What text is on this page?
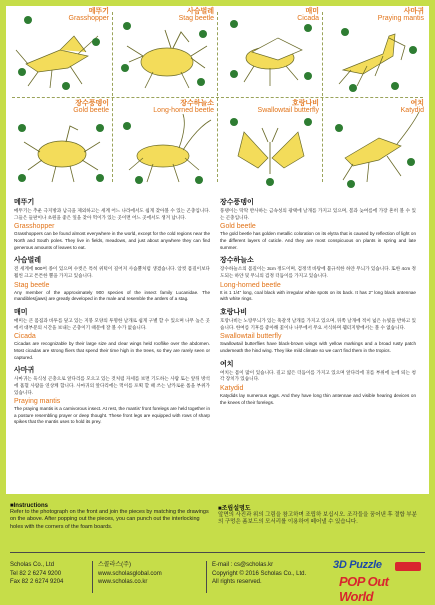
메뚜기
Grasshopper
사슴벌레
Stag beetle
매미
Cicada
사마귀
Praying mantis
장수풍뎅이
Gold beetle
장수하늘소
Long-horned beetle
호랑나비
Swallowtail butterfly
여치
Katydid
메뚜기
메뚜기는 추운 극지방과 남극을 제외하고는 세계 어느 나라에서도 쉽게 찾아볼 수 있는 곤충입니다. 그들은 들판이나 초원을 좋은 잎을 찾아 먹이가 있는 곳이면 어느 곳에서도 생겨 납니다.
Grasshopper
Grasshoppers can be found almost everywhere in the world, except for the cold regions near the North and South poles. They live in fields, meadows, and just about anywhere they can find generous amounts of leaves to eat.
사슴벌레
전 세계에 900여 종이 있으며 수컷은 특히 위턱이 길어져 사슴뿔처럼 생겼습니다. 암컷 몸길이보다 훨씬 크고 튼튼한 뿔을 가지고 있습니다.
Stag beetle
Any member of the approximately 900 species of the insect family Lucanidae. The mandibles(jaws) are greatly developed in the male and resemble the antlers of a stag.
매미
매미는 큰 몸집과 바투를 덮고 있는 지붕 모양의 투명한 날개로 쉽게 구별 할 수 있으며 나무 높은 곳에서 대부분의 시간을 보내는 곤충이기 때문에 잘 볼 수가 없습니다.
Cicada
Cicadas are recognizable by their large size and clear wings held rooflike over the abdomen. Most cicadas are strong fliers that spend their time high in the trees, so they are rarely seen or captured.
사마귀
사마귀는 육식성 곤충으로 앞다리를 모으고 있는 것처럼 자세를 보면 기도하는 사람 또는 앞뒤 방석에 흡혈 사람을 연상케 합니다. 사마귀의 앞다리에는 먹이를 포획 할 때 쓰는 날카로운 톱을 부위가 있습니다.
Praying mantis
The praying mantis is a carnivorous insect. At rest, the mantis' front forelegs are held together in a posture resembling prayer or deep thought. These front legs are equipped with rows of sharp spikes that the mantis uses to hold its prey.
장수풍뎅이
풍뎅이는 딱딱 반사하는 금속성의 광택에 날개를 가지고 있으며, 봄과 늦여름에 가장 흔히 볼 수 있는 곤충입니다.
Gold beetle
The gold beetle has golden metallic coloration on its elytra that is caused by reflection of light on the different layers of cuticle. And they are most conspicuous on plants in spring and late summer.
장수하늘소
장수하늘소의 몸길이는 3cm 정도이며, 검정색 바탕에 불규칙한 하얀 무늬가 있습니다. 또한 4cm 정도되는 하얀 및 무늬의 검정 더듬이를 가지고 있습니다.
Long-horned beetle
It is 1 1/4" long, coal black with irregular white spots on its back. It has 2" long black antennae with white rings.
호랑나비
호랑나비는 노랑무늬가 있는 흑갈색 날개를 가지고 있으며, 뒤쪽 날개에 적이 넓은 뉴빛을 반하고 있습니다. 한여름 기후를 좋아해 꽃이나 나무에서 무요 서식하며 웰터지방에서는 볼 수 없습니다.
Swallowtail butterfly
Swallowtail butterflies have black-brown wings with yellow markings and a broad rusty patch underneath the hind wing. They like mild climate so we can't find them in the tropics.
여치
여치는 몸이 많이 있습니다. 길고 얇은 더듬이를 가지고 있으며 앞다리에 귀를 부위에 눈에 띄는 청각 장치가 있습니다.
Katydid
Katydids lay numerous eggs. And they have long thin antennae and visible hearing devices on the knees of their forelegs.
■Instructions
Refer to the photograph on the front and join the pieces by matching the drawings on the above. After popping out the pieces, you can punch out the interlocking holes with the corners of the foam boards.
■조립설명도
앞면의 사진과 위의 그림을 참고하며 조립하 보십시오. 조각들을 꿈어낸 후 결합 부분의 구멍은 폼보드의 모서리를 이용하여 떼어낼 수 있습니다.
Scholas Co., Ltd
Tel 82 2 6274 9200
Fax 82 2 6274 9204
스콜라스(주)
www.scholasglobal.com
www.scholas.co.kr
E-mail : cs@scholas.kr
Copyright © 2016 Scholas Co., Ltd.
All rights reserved.
3D Puzzle
POP Out World
